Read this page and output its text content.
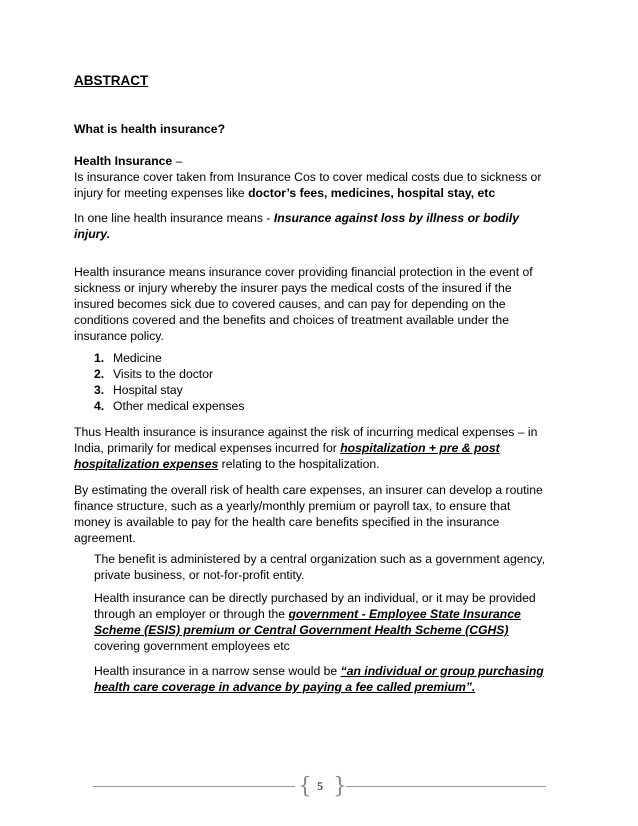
ABSTRACT
What is health insurance?
Health Insurance –
Is insurance cover taken from Insurance Cos to cover medical costs due to sickness or
injury for meeting expenses like doctor’s fees, medicines, hospital stay, etc
In one line health insurance means - Insurance against loss by illness or bodily
injury.
Health insurance means insurance cover providing financial protection in the event of
sickness or injury whereby the insurer pays the medical costs of the insured if the
insured becomes sick due to covered causes, and can pay for depending on the
conditions covered and the benefits and choices of treatment available under the
insurance policy.
1. Medicine
2. Visits to the doctor
3. Hospital stay
4. Other medical expenses
Thus Health insurance is insurance against the risk of incurring medical expenses – in
India, primarily for medical expenses incurred for hospitalization + pre & post
hospitalization expenses relating to the hospitalization.
By estimating the overall risk of health care expenses, an insurer can develop a routine
finance structure, such as a yearly/monthly premium or payroll tax, to ensure that
money is available to pay for the health care benefits specified in the insurance
agreement.
The benefit is administered by a central organization such as a government agency,
private business, or not-for-profit entity.
Health insurance can be directly purchased by an individual, or it may be provided
through an employer or through the government - Employee State Insurance
Scheme (ESIS) premium or Central Government Health Scheme (CGHS)
covering government employees etc
Health insurance in a narrow sense would be “an individual or group purchasing
health care coverage in advance by paying a fee called premium”.
{ 5 }
